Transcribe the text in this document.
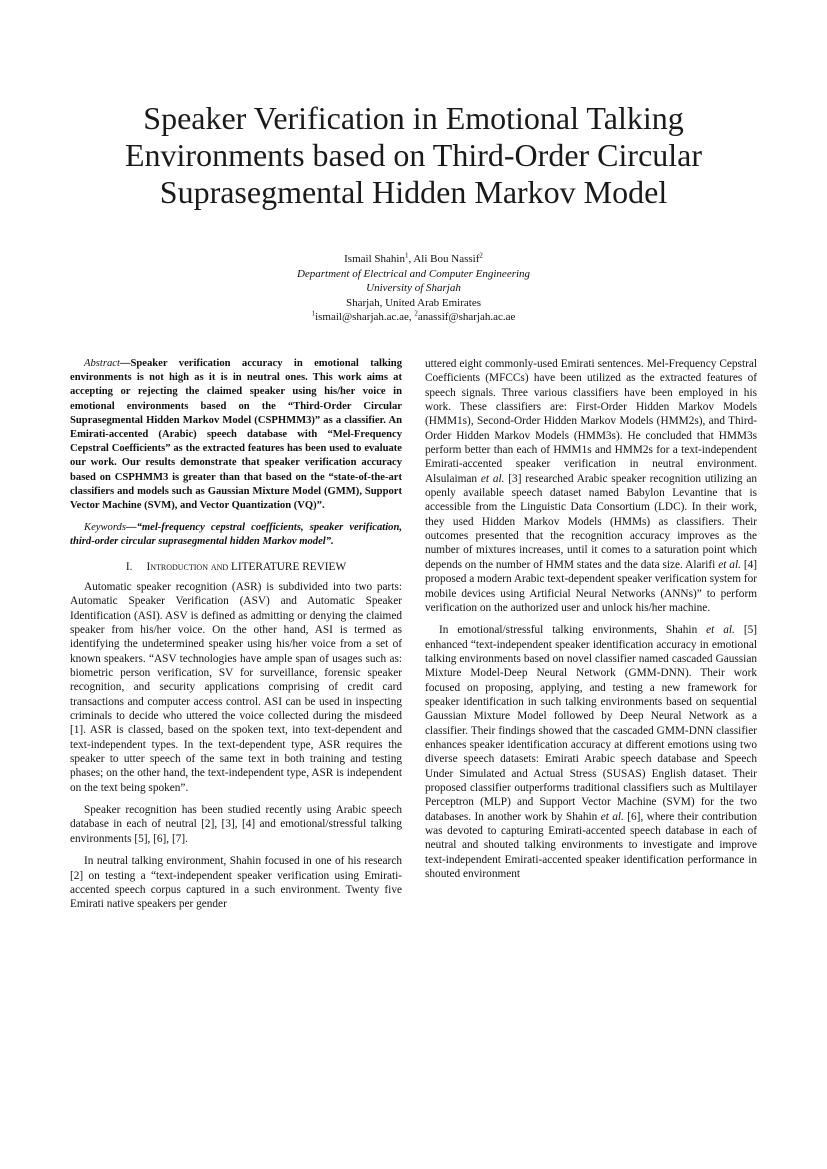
Speaker Verification in Emotional Talking Environments based on Third-Order Circular Suprasegmental Hidden Markov Model
Ismail Shahin$^1$, Ali Bou Nassif$^2$
Department of Electrical and Computer Engineering
University of Sharjah
Sharjah, United Arab Emirates
$^1$ismail@sharjah.ac.ae, $^2$anassif@sharjah.ac.ae

Abstract—Speaker verification accuracy in emotional talking environments is not high as it is in neutral ones. This work aims at accepting or rejecting the claimed speaker using his/her voice in emotional environments based on the “Third-Order Circular Suprasegmental Hidden Markov Model (CSPHMM3)” as a classifier. An Emirati-accented (Arabic) speech database with “Mel-Frequency Cepstral Coefficients” as the extracted features has been used to evaluate our work. Our results demonstrate that speaker verification accuracy based on CSPHMM3 is greater than that based on the “state-of-the-art classifiers and models such as Gaussian Mixture Model (GMM), Support Vector Machine (SVM), and Vector Quantization (VQ)”.

Keywords—“mel-frequency cepstral coefficients, speaker verification, third-order circular suprasegmental hidden Markov model”.

I. Introduction and LITERATURE REVIEW

Automatic speaker recognition (ASR) is subdivided into two parts: Automatic Speaker Verification (ASV) and Automatic Speaker Identification (ASI). ASV is defined as admitting or denying the claimed speaker from his/her voice. On the other hand, ASI is termed as identifying the undetermined speaker using his/her voice from a set of known speakers. “ASV technologies have ample span of usages such as: biometric person verification, SV for surveillance, forensic speaker recognition, and security applications comprising of credit card transactions and computer access control. ASI can be used in inspecting criminals to decide who uttered the voice collected during the misdeed [1]. ASR is classed, based on the spoken text, into text-dependent and text-independent types. In the text-dependent type, ASR requires the speaker to utter speech of the same text in both training and testing phases; on the other hand, the text-independent type, ASR is independent on the text being spoken”.

Speaker recognition has been studied recently using Arabic speech database in each of neutral [2], [3], [4] and emotional/stressful talking environments [5], [6], [7].

In neutral talking environment, Shahin focused in one of his research [2] on testing a “text-independent speaker verification using Emirati-accented speech corpus captured in a such environment. Twenty five Emirati native speakers per gender

uttered eight commonly-used Emirati sentences. Mel-Frequency Cepstral Coefficients (MFCCs) have been utilized as the extracted features of speech signals. Three various classifiers have been employed in his work. These classifiers are: First-Order Hidden Markov Models (HMM1s), Second-Order Hidden Markov Models (HMM2s), and Third-Order Hidden Markov Models (HMM3s). He concluded that HMM3s perform better than each of HMM1s and HMM2s for a text-independent Emirati-accented speaker verification in neutral environment. Alsulaiman et al. [3] researched Arabic speaker recognition utilizing an openly available speech dataset named Babylon Levantine that is accessible from the Linguistic Data Consortium (LDC). In their work, they used Hidden Markov Models (HMMs) as classifiers. Their outcomes presented that the recognition accuracy improves as the number of mixtures increases, until it comes to a saturation point which depends on the number of HMM states and the data size. Alarifi et al. [4] proposed a modern Arabic text-dependent speaker verification system for mobile devices using Artificial Neural Networks (ANNs)” to perform verification on the authorized user and unlock his/her machine.

In emotional/stressful talking environments, Shahin et al. [5] enhanced “text-independent speaker identification accuracy in emotional talking environments based on novel classifier named cascaded Gaussian Mixture Model-Deep Neural Network (GMM-DNN). Their work focused on proposing, applying, and testing a new framework for speaker identification in such talking environments based on sequential Gaussian Mixture Model followed by Deep Neural Network as a classifier. Their findings showed that the cascaded GMM-DNN classifier enhances speaker identification accuracy at different emotions using two diverse speech datasets: Emirati Arabic speech database and Speech Under Simulated and Actual Stress (SUSAS) English dataset. Their proposed classifier outperforms traditional classifiers such as Multilayer Perceptron (MLP) and Support Vector Machine (SVM) for the two databases. In another work by Shahin et al. [6], where their contribution was devoted to capturing Emirati-accented speech database in each of neutral and shouted talking environments to investigate and improve text-independent Emirati-accented speaker identification performance in shouted environment
